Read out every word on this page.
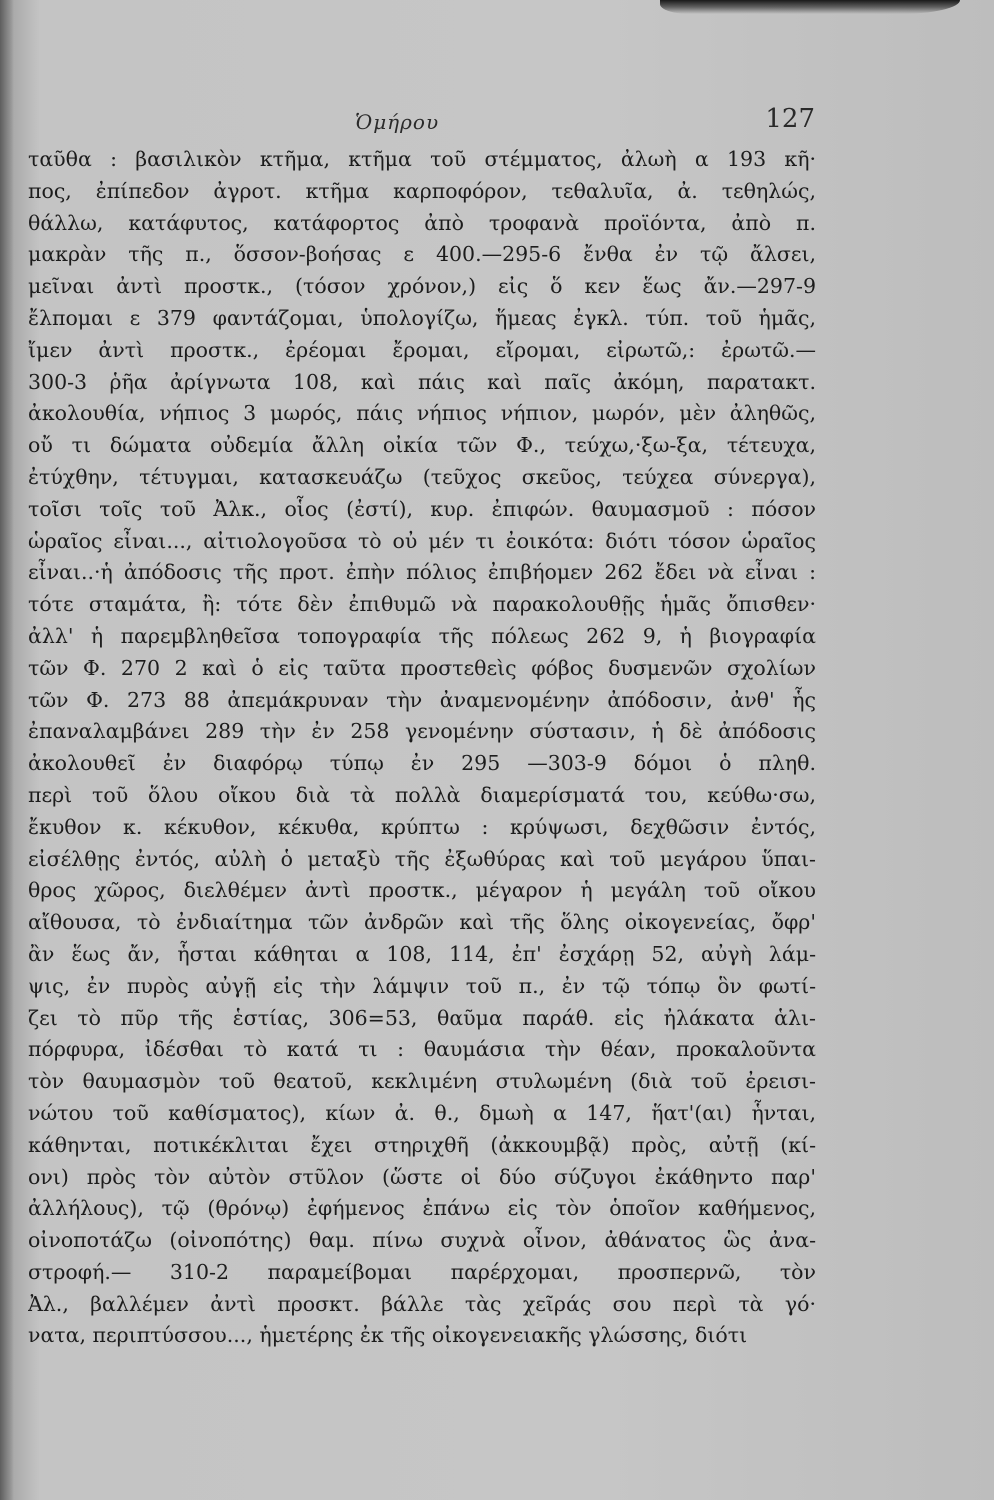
Ὁμήρου	127
ταῦθα : βασιλικὸν κτῆμα, κτῆμα τοῦ στέμματος, ἀλωὴ α 193 κῆ·
πος, ἐπίπεδον ἀγροτ. κτῆμα καρποφόρον, τεθαλυῖα, ἀ. τεθηλώς,
θάλλω, κατάφυτος, κατάφορτος ἀπὸ τροφανὰ προϊόντα, ἀπὸ π.
μακρὰν τῆς π., ὅσσον-βοήσας ε 400.—295-6 ἔνθα ἐν τῷ ἄλσει,
μεῖναι ἀντὶ προστκ., (τόσον χρόνον,) εἰς ὅ κεν ἕως ἄν.—297-9
ἔλπομαι ε 379 φαντάζομαι, ὑπολογίζω, ἥμεας ἐγκλ. τύπ. τοῦ ἡμᾶς,
ἴμεν ἀντὶ προστκ., ἐρέομαι ἔρομαι, εἴρομαι, εἰρωτῶ,: ἐρωτῶ.—
300-3 ῥῆα ἀρίγνωτα 108, καὶ πάις καὶ παῖς ἀκόμη, παρατακτ.
ἀκολουθία, νήπιος 3 μωρός, πάις νήπιος νήπιον, μωρόν, μὲν ἀληθῶς,
οὔ τι δώματα οὐδεμία ἄλλη οἰκία τῶν Φ., τεύχω,·ξω-ξα, τέτευχα,
ἐτύχθην, τέτυγμαι, κατασκευάζω (τεῦχος σκεῦος, τεύχεα σύνεργα),
τοῖσι τοῖς τοῦ Ἀλκ., οἷος (ἐστί), κυρ. ἐπιφών. θαυμασμοῦ : πόσον
ὡραῖος εἶναι..., αἰτιολογοῦσα τὸ οὐ μέν τι ἐοικότα: διότι τόσον ὡραῖος
εἶναι..·ἡ ἀπόδοσις τῆς προτ. ἐπὴν πόλιος ἐπιβήομεν 262 ἔδει νὰ εἶναι :
τότε σταμάτα, ἢ: τότε δὲν ἐπιθυμῶ νὰ παρακολουθῇς ἡμᾶς ὄπισθεν·
ἀλλ' ἡ παρεμβληθεῖσα τοπογραφία τῆς πόλεως 262 9, ἡ βιογραφία
τῶν Φ. 270 2 καὶ ὁ εἰς ταῦτα προστεθεὶς φόβος δυσμενῶν σχολίων
τῶν Φ. 273 88 ἀπεμάκρυναν τὴν ἀναμενομένην ἀπόδοσιν, ἀνθ' ἧς
ἐπαναλαμβάνει 289 τὴν ἐν 258 γενομένην σύστασιν, ἡ δὲ ἀπόδοσις
ἀκολουθεῖ ἐν διαφόρῳ τύπῳ ἐν 295 —303-9 δόμοι ὁ πληθ.
περὶ τοῦ ὅλου οἴκου διὰ τὰ πολλὰ διαμερίσματά του, κεύθω·σω,
ἔκυθον κ. κέκυθον, κέκυθα, κρύπτω : κρύψωσι, δεχθῶσιν ἐντός,
εἰσέλθῃς ἐντός, αὐλὴ ὁ μεταξὺ τῆς ἐξωθύρας καὶ τοῦ μεγάρου ὕπαι-
θρος χῶρος, διελθέμεν ἀντὶ προστκ., μέγαρον ἡ μεγάλη τοῦ οἴκου
αἴθουσα, τὸ ἐνδιαίτημα τῶν ἀνδρῶν καὶ τῆς ὅλης οἰκογενείας, ὄφρ'
ἂν ἕως ἄν, ἧσται κάθηται α 108, 114, ἐπ' ἐσχάρῃ 52, αὐγὴ λάμ-
ψις, ἐν πυρὸς αὐγῇ εἰς τὴν λάμψιν τοῦ π., ἐν τῷ τόπῳ ὃν φωτί-
ζει τὸ πῦρ τῆς ἑστίας, 306=53, θαῦμα παράθ. εἰς ἠλάκατα ἁλι-
πόρφυρα, ἰδέσθαι τὸ κατά τι : θαυμάσια τὴν θέαν, προκαλοῦντα
τὸν θαυμασμὸν τοῦ θεατοῦ, κεκλιμένη στυλωμένη (διὰ τοῦ ἐρεισι-
νώτου τοῦ καθίσματος), κίων ἀ. θ., δμωὴ α 147, ἥατ'(αι) ἧνται,
κάθηνται, ποτικέκλιται ἔχει στηριχθῆ (ἀκκουμβᾷ) πρὸς, αὐτῇ (κί-
ονι) πρὸς τὸν αὐτὸν στῦλον (ὥστε οἱ δύο σύζυγοι ἐκάθηντο παρ'
ἀλλήλους), τῷ (θρόνῳ) ἐφήμενος ἐπάνω εἰς τὸν ὁποῖον καθήμενος,
οἰνοποτάζω (οἰνοπότης) θαμ. πίνω συχνὰ οἶνον, ἀθάνατος ὣς ἀνα-
στροφή.— 310-2 παραμείβομαι παρέρχομαι, προσπερνῶ, τὸν
Ἀλ., βαλλέμεν ἀντὶ προσκτ. βάλλε τὰς χεῖράς σου περὶ τὰ γό·
νατα, περιπτύσσου..., ἡμετέρης ἐκ τῆς οἰκογενειακῆς γλώσσης, διότι
